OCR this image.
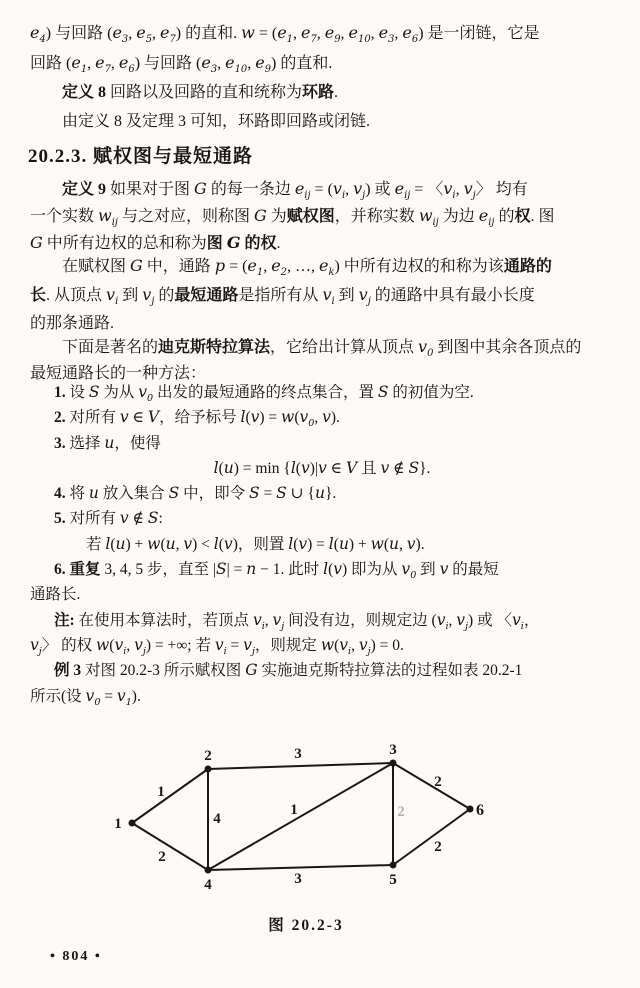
$e_4$) 与回路 ($e_3$, $e_5$, $e_7$) 的直和. $w = (e_1$, $e_7$, $e_9$, $e_{10}$, $e_3$, $e_6$) 是一闭链，它是
回路 ($e_1$, $e_7$, $e_6$) 与回路 ($e_3$, $e_{10}$, $e_9$) 的直和.
定义 8 回路以及回路的直和统称为环路.
由定义 8 及定理 3 可知，环路即回路或闭链.
定义 9 如果对于图 G 的每一条边 $e_{ij} = (v_i$, $v_j$) 或 $e_{ij}$ = 〈$v_i$, $v_j$〉 均有
一个实数 $w_{ij}$ 与之对应，则称图 G 为赋权图，并称实数 $w_{ij}$ 为边 $e_{ij}$ 的权. 图
G 中所有边权的总和称为图 G 的权.
在赋权图 G 中，通路 $p = (e_1$, $e_2$, …, $e_k$) 中所有边权的和称为该通路的
长. 从顶点 $v_i$ 到 $v_j$ 的最短通路是指所有从 $v_i$ 到 $v_j$ 的通路中具有最小长度
的那条通路.
下面是著名的迪克斯特拉算法，它给出计算从顶点 $v_0$ 到图中其余各顶点的
最短通路长的一种方法：
1. 设 S 为从 $v_0$ 出发的最短通路的终点集合，置 S 的初值为空.
2. 对所有 v ∈ V，给予标号 $l(v) = w(v_0$, v).
3. 选择 u，使得
l(u) = min {l(v)|v ∈ V 且 v ∉ S}.
4. 将 u 放入集合 S 中，即令 S = S ∪ {u}.
5. 对所有 v ∉ S:
若 l(u) + w(u, v) < l(v)，则置 l(v) = l(u) + w(u, v).
6. 重复 3, 4, 5 步，直至 |S| = n − 1. 此时 l(v) 即为从 $v_0$ 到 v 的最短
通路长.
注: 在使用本算法时，若顶点 $v_i$, $v_j$ 间没有边，则规定边 ($v_i$, $v_j$) 或 〈$v_i$，
$v_j$〉 的权 $w(v_i$, $v_j$) = +∞; 若 $v_i = v_j$，则规定 $w(v_i$, $v_j) = 0$.
例 3 对图 20.2-3 所示赋权图 G 实施迪克斯特拉算法的过程如表 20.2-1
所示(设 $v_0 = v_1$).
20.2.3. 赋权图与最短通路
1
3
2
4
1	2
2
2
3
1
2	3
4	5
6
图 20.2-3
• 804 •
